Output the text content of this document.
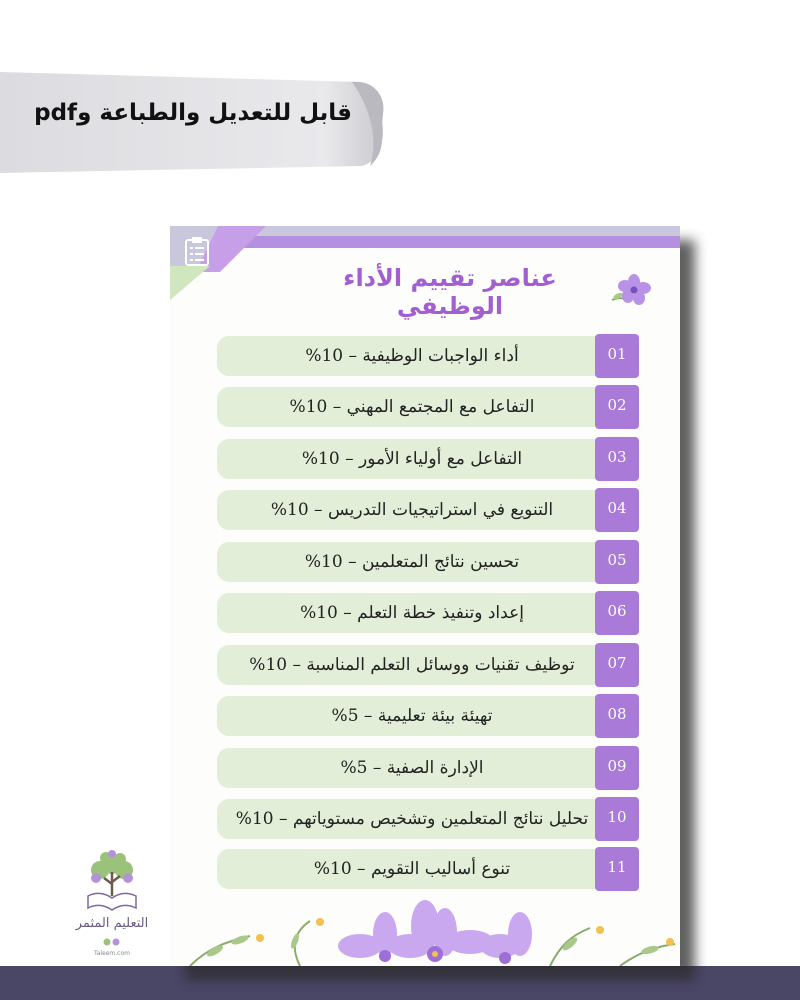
قابل للتعديل والطباعة وpdf
عناصر تقييم الأداء الوظيفي
أداء الواجبات الوظيفية – 10%	01
التفاعل مع المجتمع المهني – 10%	02
التفاعل مع أولياء الأمور – 10%	03
التنويع في استراتيجيات التدريس – 10%	04
تحسين نتائج المتعلمين – 10%	05
إعداد وتنفيذ خطة التعلم – 10%	06
توظيف تقنيات ووسائل التعلم المناسبة – 10%	07
تهيئة بيئة تعليمية – 5%	08
الإدارة الصفية – 5%	09
تحليل نتائج المتعلمين وتشخيص مستوياتهم – 10%	10
تنوع أساليب التقويم – 10%	11
التعليم المثمر
Taleem.com
